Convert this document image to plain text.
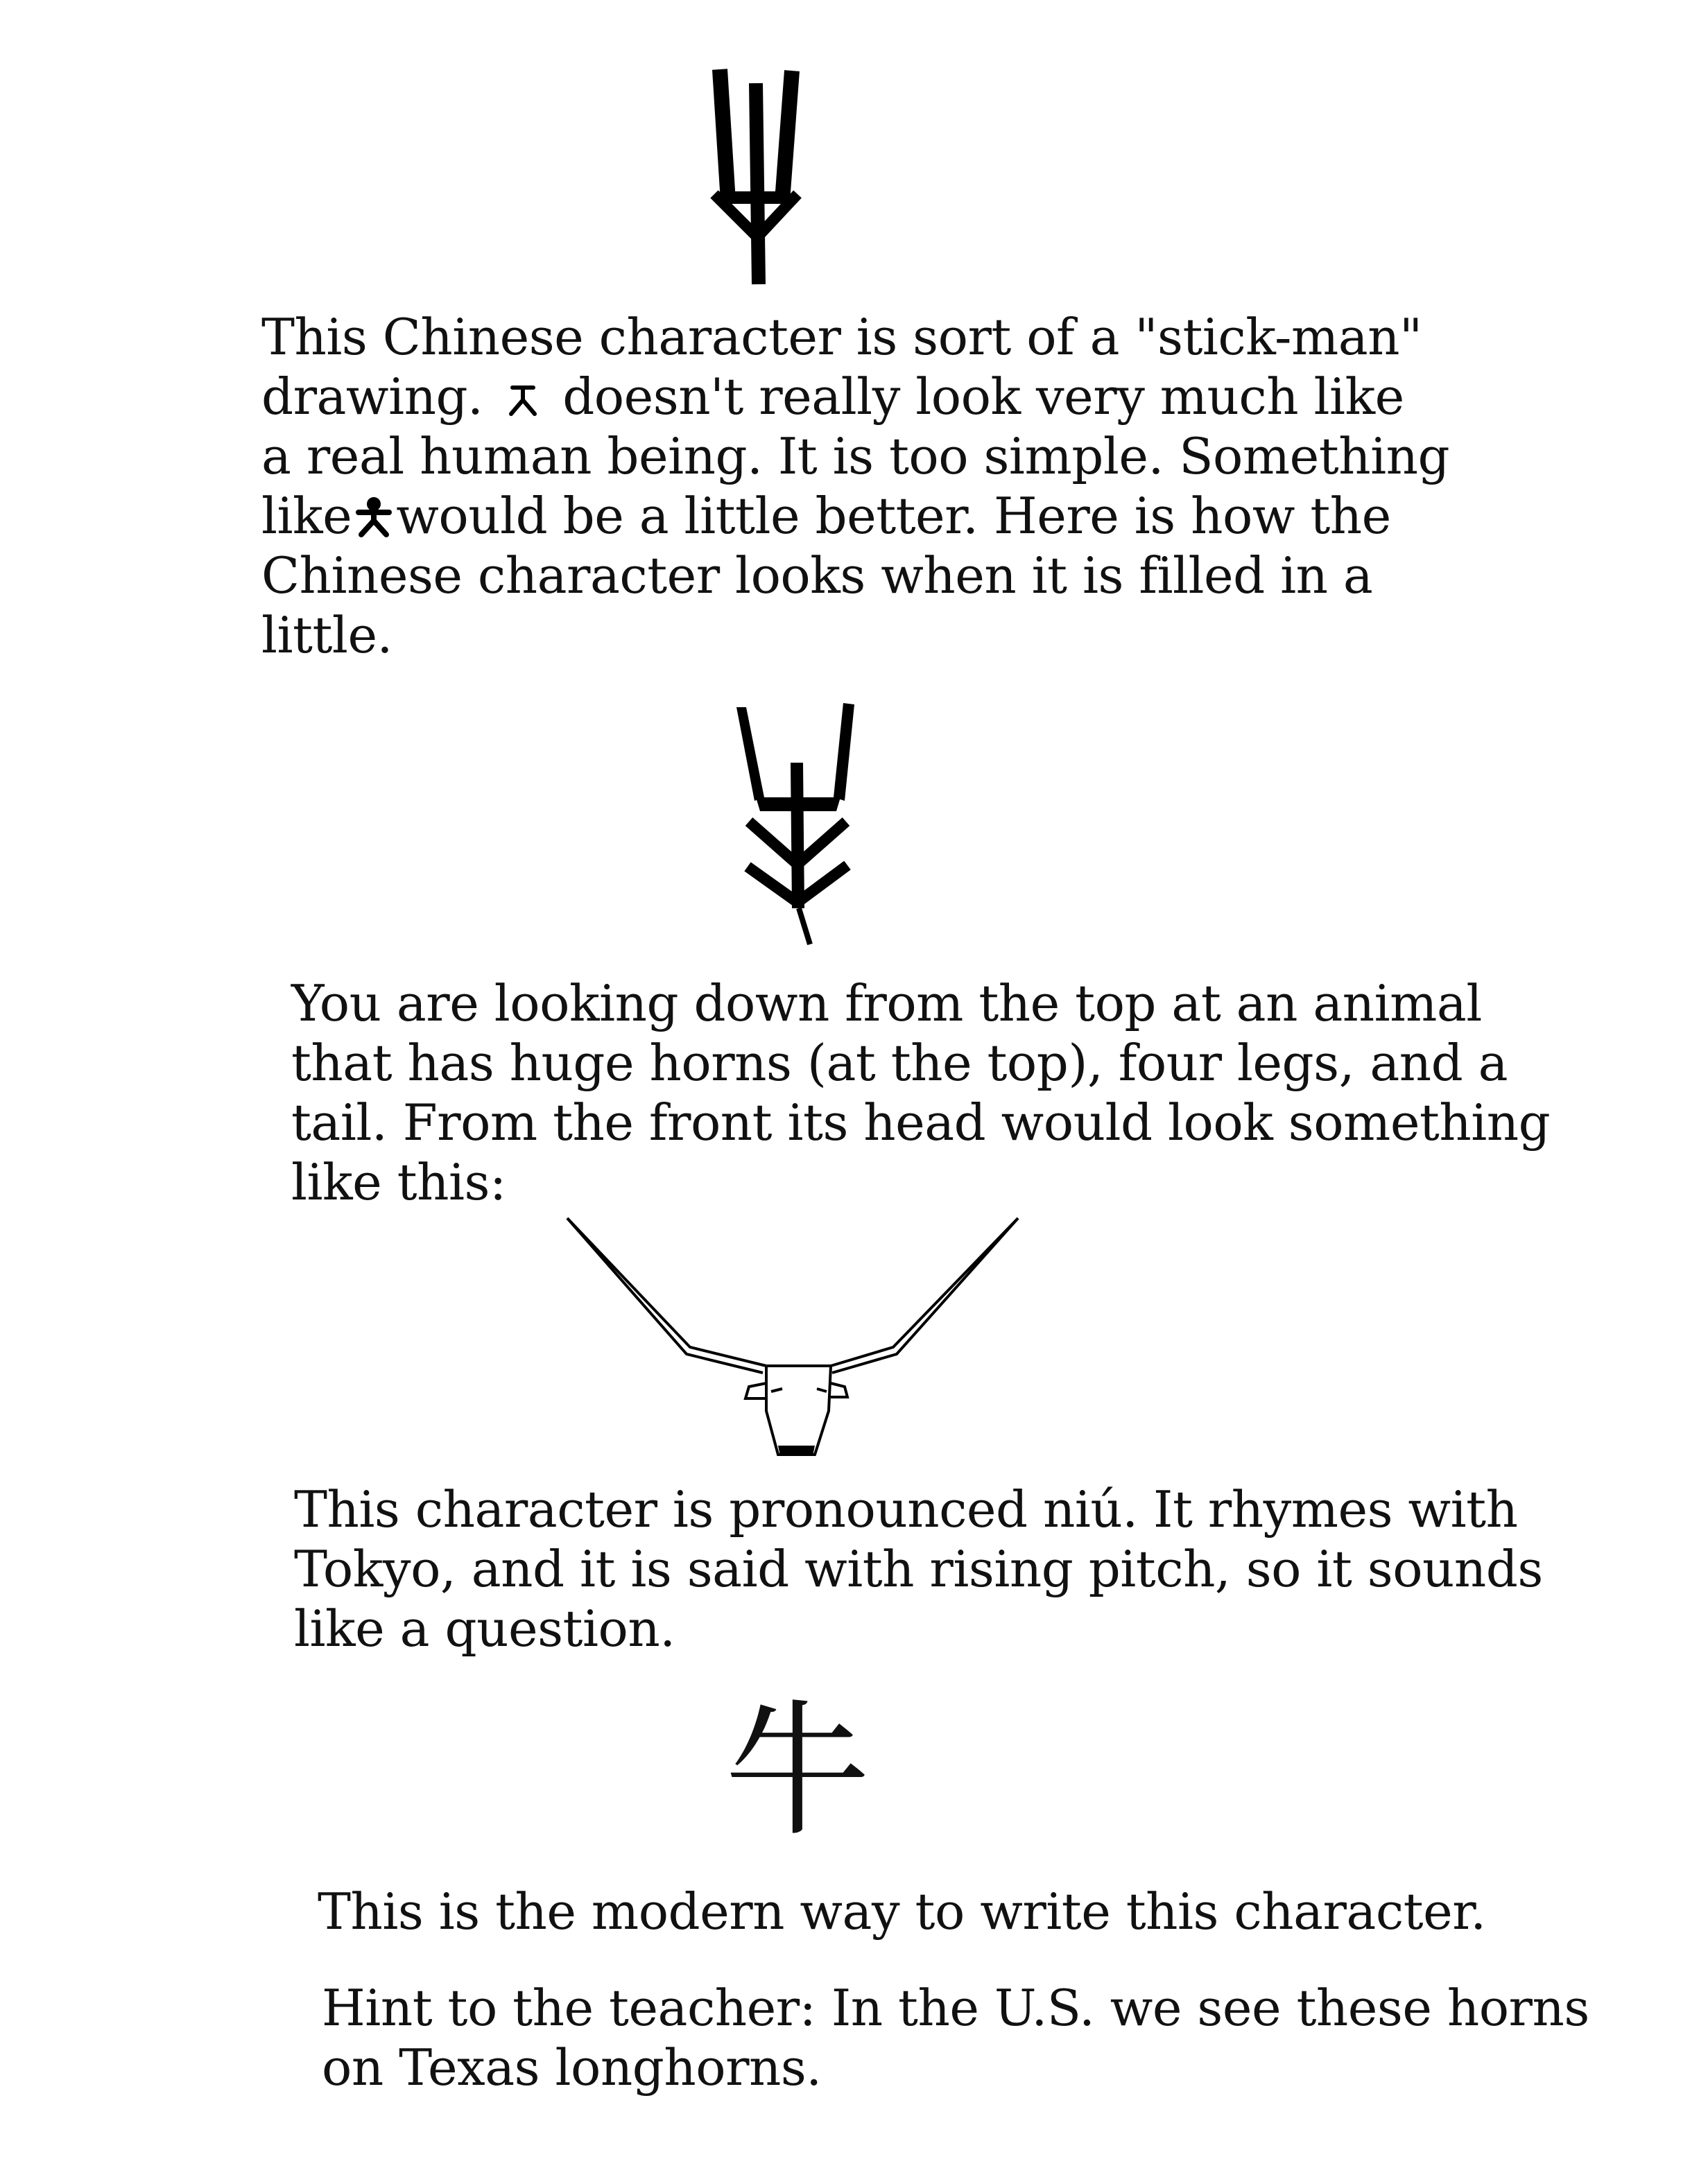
This Chinese character is sort of a "stick-man"
drawing. doesn't really look very much like
a real human being. It is too simple. Something
like would be a little better. Here is how the
Chinese character looks when it is filled in a
little.
You are looking down from the top at an animal
that has huge horns (at the top), four legs, and a
tail. From the front its head would look something
like this:
This character is pronounced niú. It rhymes with
Tokyo, and it is said with rising pitch, so it sounds
like a question.
牛
This is the modern way to write this character.
Hint to the teacher: In the U.S. we see these horns
on Texas longhorns.
